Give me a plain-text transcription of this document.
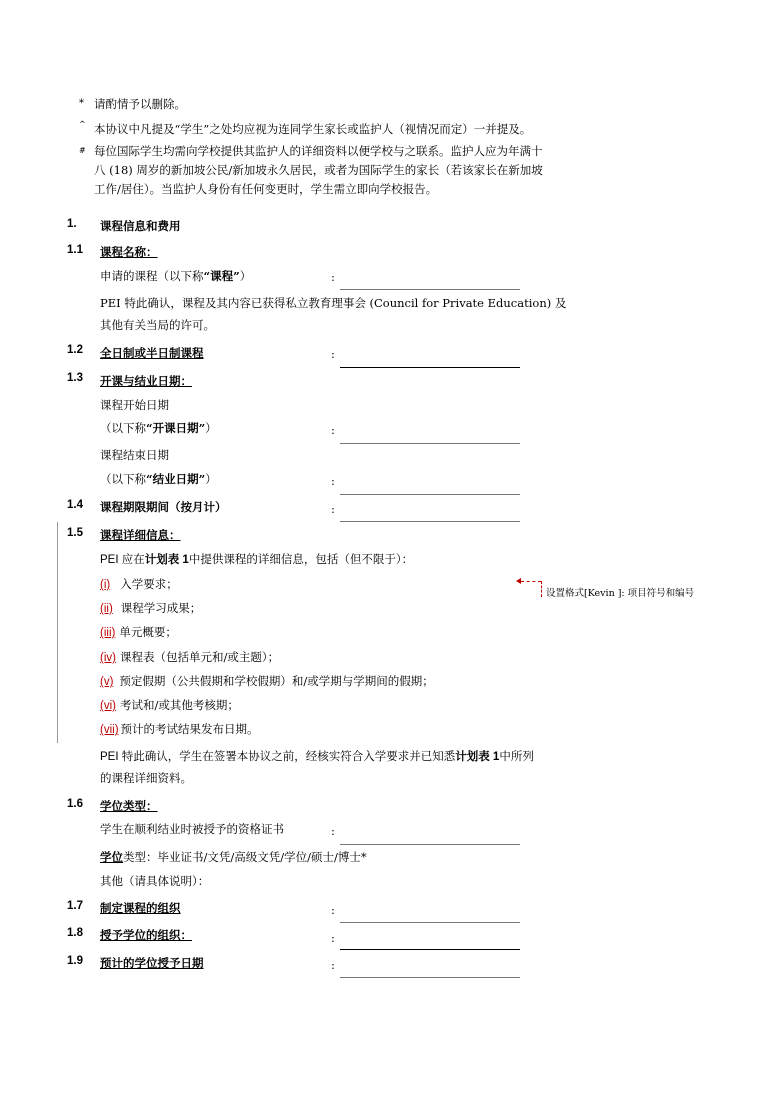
* 请酌情予以删除。
^ 本协议中凡提及“学生”之处均应视为连同学生家长或监护人（视情况而定）一并提及。
# 每位国际学生均需向学校提供其监护人的详细资料以便学校与之联系。监护人应为年满十
八 (18) 周岁的新加坡公民/新加坡永久居民，或者为国际学生的家长（若该家长在新加坡
工作/居住）。当监护人身份有任何变更时，学生需立即向学校报告。
1. 课程信息和费用
1.1 课程名称：
申请的课程（以下称“课程”）	:
PEI 特此确认，课程及其内容已获得私立教育理事会 (Council for Private Education) 及
其他有关当局的许可。
1.2 全日制或半日制课程	:
1.3 开课与结业日期：
课程开始日期
（以下称“开课日期”）	:
课程结束日期
（以下称“结业日期”）	:
1.4 课程期限期间（按月计）	:
1.5 课程详细信息：
PEI 应在计划表 1中提供课程的详细信息，包括（但不限于）：
(i) 入学要求；
(ii) 课程学习成果；
(iii) 单元概要；
(iv) 课程表（包括单元和/或主题）；
(v) 预定假期（公共假期和学校假期）和/或学期与学期间的假期；
(vi) 考试和/或其他考核期；
(vii) 预计的考试结果发布日期。
PEI 特此确认，学生在签署本协议之前，经核实符合入学要求并已知悉计划表 1中所列
的课程详细资料。
设置格式[Kevin ]: 项目符号和编号
1.6 学位类型：
学生在顺利结业时被授予的资格证书	:
学位类型：毕业证书/文凭/高级文凭/学位/硕士/博士*
其他（请具体说明）：
1.7 制定课程的组织	:
1.8 授予学位的组织：	:
1.9 预计的学位授予日期	:
